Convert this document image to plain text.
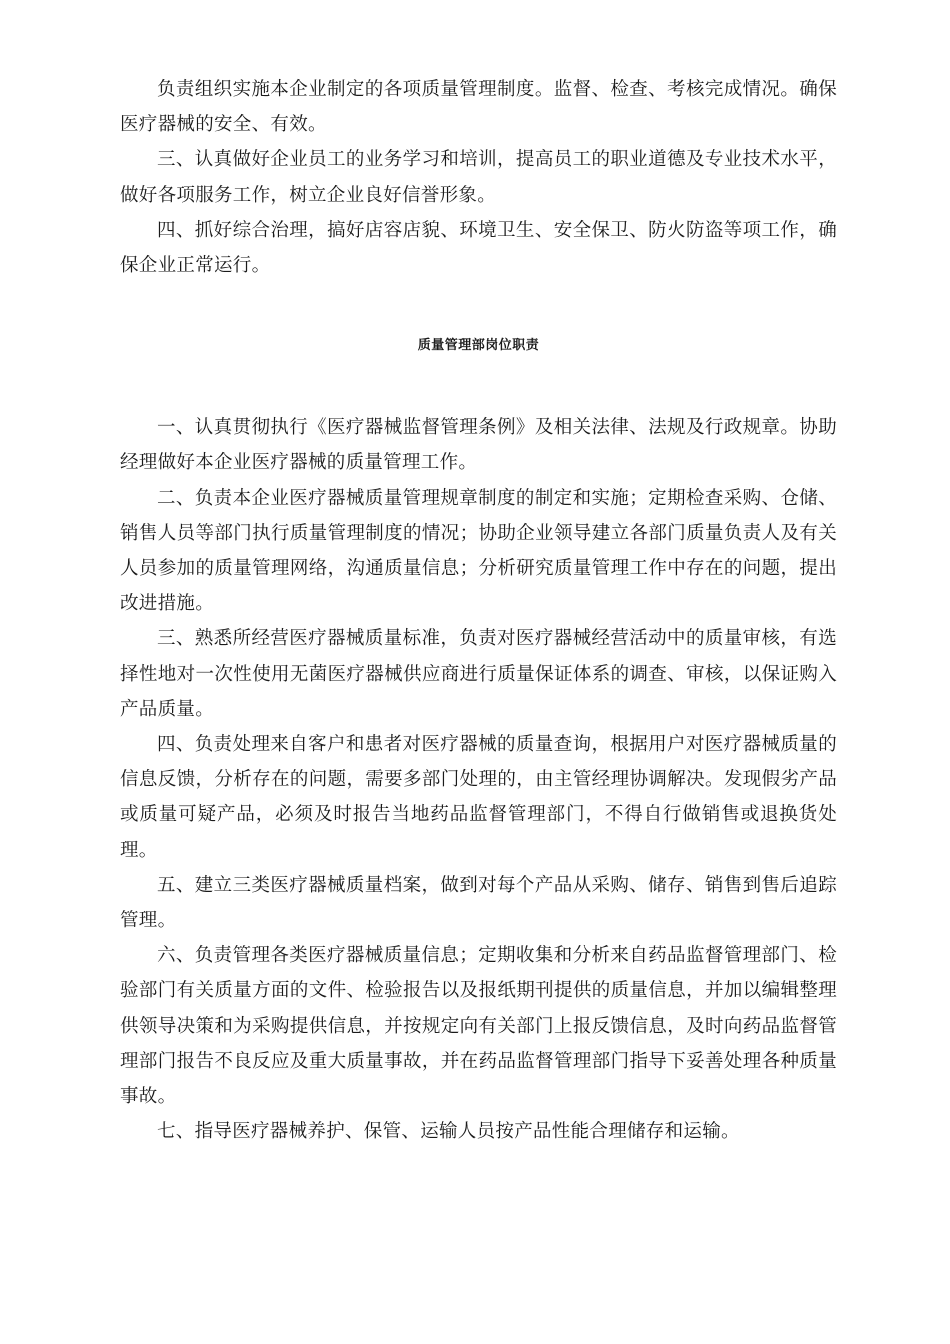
负责组织实施本企业制定的各项质量管理制度。监督、检查、考核完成情况。确保医疗器械的安全、有效。

三、认真做好企业员工的业务学习和培训，提高员工的职业道德及专业技术水平，做好各项服务工作，树立企业良好信誉形象。

四、抓好综合治理，搞好店容店貌、环境卫生、安全保卫、防火防盗等项工作，确保企业正常运行。

质量管理部岗位职责

一、认真贯彻执行《医疗器械监督管理条例》及相关法律、法规及行政规章。协助经理做好本企业医疗器械的质量管理工作。

二、负责本企业医疗器械质量管理规章制度的制定和实施；定期检查采购、仓储、销售人员等部门执行质量管理制度的情况；协助企业领导建立各部门质量负责人及有关人员参加的质量管理网络，沟通质量信息；分析研究质量管理工作中存在的问题，提出改进措施。

三、熟悉所经营医疗器械质量标准，负责对医疗器械经营活动中的质量审核，有选择性地对一次性使用无菌医疗器械供应商进行质量保证体系的调查、审核，以保证购入产品质量。

四、负责处理来自客户和患者对医疗器械的质量查询，根据用户对医疗器械质量的信息反馈，分析存在的问题，需要多部门处理的，由主管经理协调解决。发现假劣产品或质量可疑产品，必须及时报告当地药品监督管理部门，不得自行做销售或退换货处理。

五、建立三类医疗器械质量档案，做到对每个产品从采购、储存、销售到售后追踪管理。

六、负责管理各类医疗器械质量信息；定期收集和分析来自药品监督管理部门、检验部门有关质量方面的文件、检验报告以及报纸期刊提供的质量信息，并加以编辑整理供领导决策和为采购提供信息，并按规定向有关部门上报反馈信息，及时向药品监督管理部门报告不良反应及重大质量事故，并在药品监督管理部门指导下妥善处理各种质量事故。

七、指导医疗器械养护、保管、运输人员按产品性能合理储存和运输。
